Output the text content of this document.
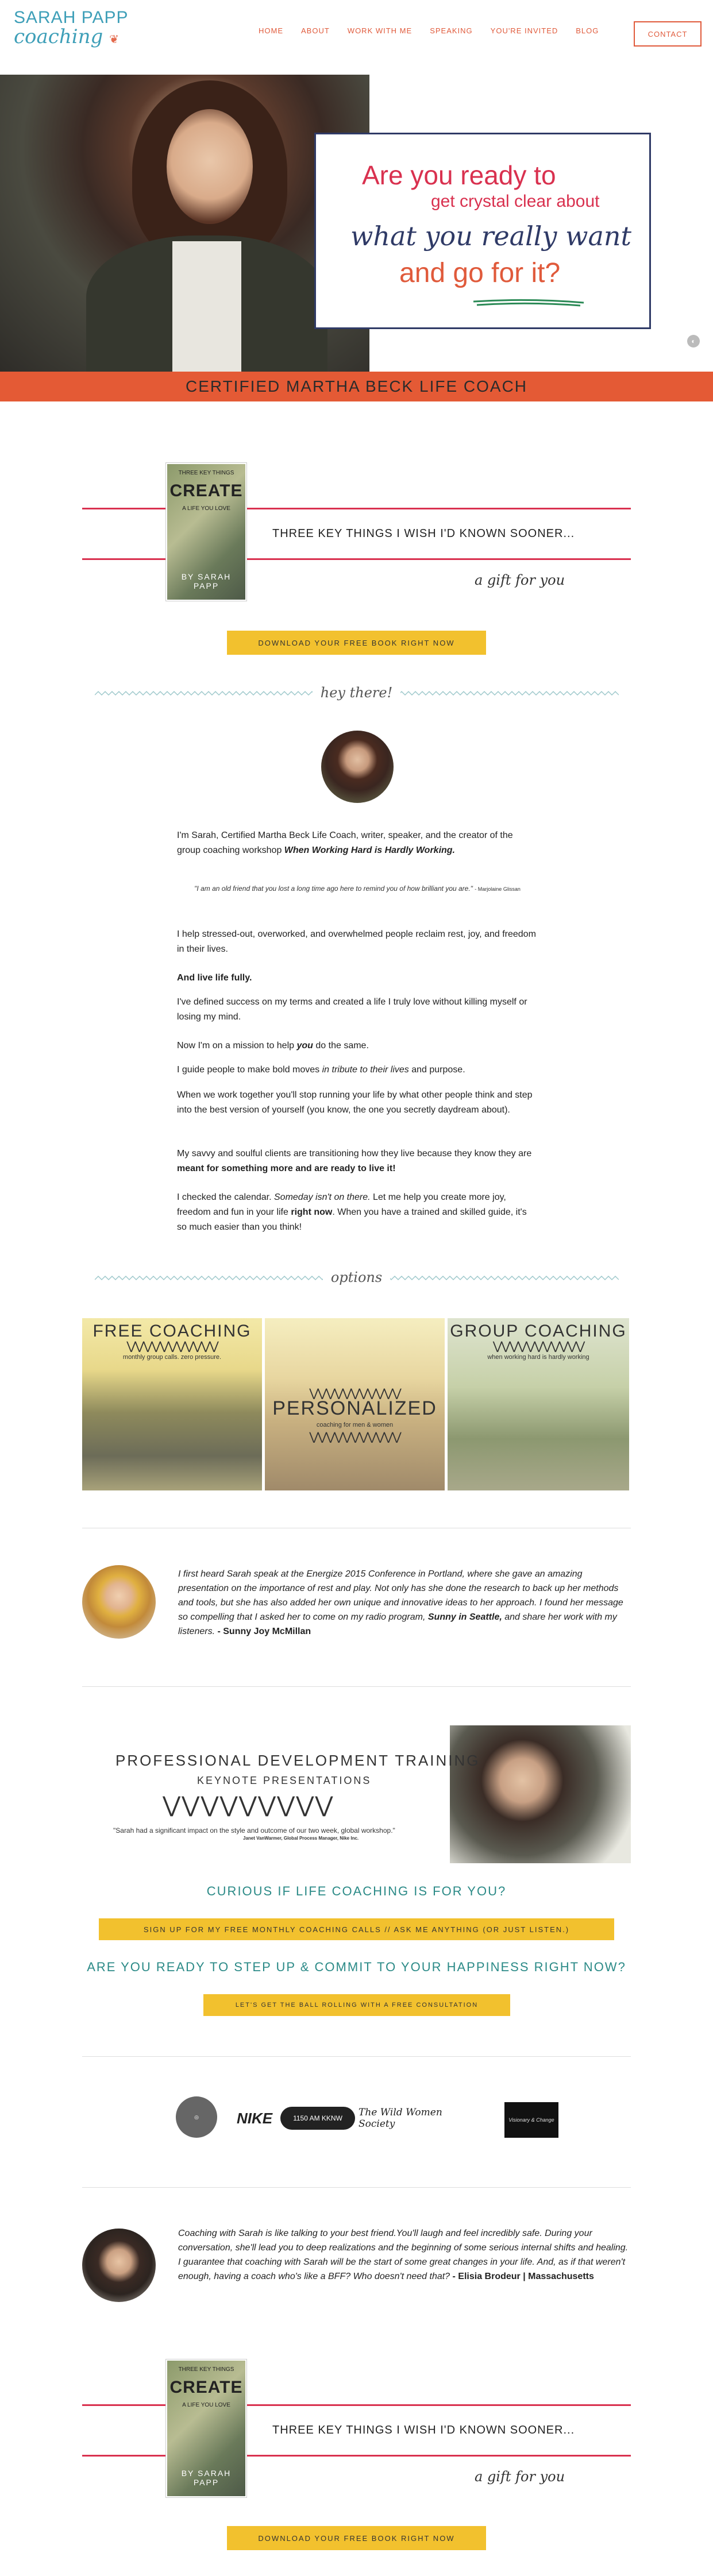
SARAH PAPP
coaching ❦
HOME ABOUT WORK WITH ME SPEAKING YOU'RE INVITED BLOG	CONTACT
Are you ready to
get crystal clear about
what you really want
and go for it?
◐
CERTIFIED MARTHA BECK LIFE COACH
THREE KEY THINGS
CREATE
A LIFE YOU LOVE
BY SARAH PAPP
THREE KEY THINGS I WISH I'D KNOWN SOONER...
a gift for you
DOWNLOAD YOUR FREE BOOK RIGHT NOW
hey there!
I'm Sarah, Certified Martha Beck Life Coach, writer, speaker, and the creator of the group coaching workshop When Working Hard is Hardly Working.
"I am an old friend that you lost a long time ago here to remind you of how brilliant you are." - Marjolaine Glissan
I help stressed-out, overworked, and overwhelmed people reclaim rest, joy, and freedom in their lives.
And live life fully.
I've defined success on my terms and created a life I truly love without killing myself or losing my mind.
Now I'm on a mission to help you do the same.
I guide people to make bold moves in tribute to their lives and purpose.
When we work together you'll stop running your life by what other people think and step into the best version of yourself (you know, the one you secretly daydream about).
My savvy and soulful clients are transitioning how they live because they know they are meant for something more and are ready to live it!
I checked the calendar. Someday isn't on there. Let me help you create more joy, freedom and fun in your life right now. When you have a trained and skilled guide, it's so much easier than you think!
options
⋁⋁⋁⋁⋁⋁⋁⋁⋁⋁⋁
FREE COACHING
monthly group calls. zero pressure.
PERSONALIZED
coaching for men & women
⋁⋁⋁⋁⋁⋁⋁⋁⋁⋁⋁
⋁⋁⋁⋁⋁⋁⋁⋁⋁⋁⋁
GROUP COACHING
when working hard is hardly working
⋁⋁⋁⋁⋁⋁⋁⋁⋁⋁⋁
I first heard Sarah speak at the Energize 2015 Conference in Portland, where she gave an amazing presentation on the importance of rest and play. Not only has she done the research to back up her methods and tools, but she has also added her own unique and innovative ideas to her approach. I found her message so compelling that I asked her to come on my radio program, Sunny in Seattle, and share her work with my listeners. - Sunny Joy McMillan
PROFESSIONAL DEVELOPMENT TRAINING
KEYNOTE PRESENTATIONS
⋁⋁⋁⋁⋁⋁⋁⋁⋁
"Sarah had a significant impact on the style and outcome of our two week, global workshop."
Janet VanWarmer, Global Process Manager, Nike Inc.
CURIOUS IF LIFE COACHING IS FOR YOU?
SIGN UP FOR MY FREE MONTHLY COACHING CALLS // ASK ME ANYTHING (OR JUST LISTEN.)
ARE YOU READY TO STEP UP & COMMIT TO YOUR HAPPINESS RIGHT NOW?
LET'S GET THE BALL ROLLING WITH A FREE CONSULTATION
◎	NIKE	1150 AM KKNW	The Wild Women Society	Visionary & Change
Coaching with Sarah is like talking to your best friend.You'll laugh and feel incredibly safe. During your conversation, she'll lead you to deep realizations and the beginning of some serious internal shifts and healing. I guarantee that coaching with Sarah will be the start of some great changes in your life. And, as if that weren't enough, having a coach who's like a BFF? Who doesn't need that? - Elisia Brodeur | Massachusetts
THREE KEY THINGS
CREATE
A LIFE YOU LOVE
BY SARAH PAPP
THREE KEY THINGS I WISH I'D KNOWN SOONER...
a gift for you
DOWNLOAD YOUR FREE BOOK RIGHT NOW
